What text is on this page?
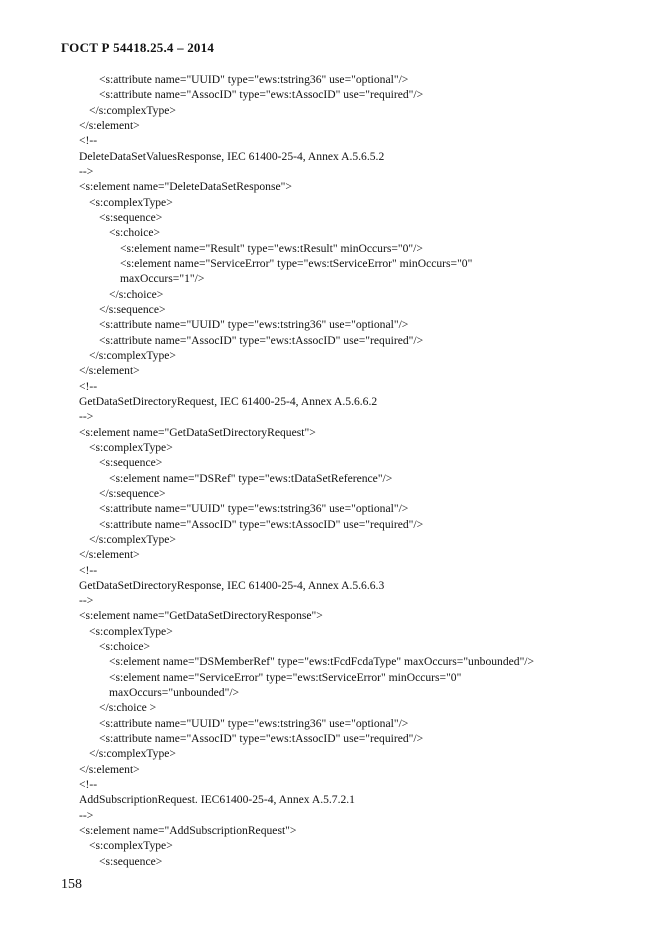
ГОСТ Р 54418.25.4 – 2014
<s:attribute name="UUID" type="ews:tstring36" use="optional"/>
<s:attribute name="AssocID" type="ews:tAssocID" use="required"/>
</s:complexType>
</s:element>
<!--
DeleteDataSetValuesResponse, IEC 61400-25-4, Annex A.5.6.5.2
-->
<s:element name="DeleteDataSetResponse">
<s:complexType>
<s:sequence>
<s:choice>
<s:element name="Result" type="ews:tResult" minOccurs="0"/>
<s:element name="ServiceError" type="ews:tServiceError" minOccurs="0"
maxOccurs="1"/>
</s:choice>
</s:sequence>
<s:attribute name="UUID" type="ews:tstring36" use="optional"/>
<s:attribute name="AssocID" type="ews:tAssocID" use="required"/>
</s:complexType>
</s:element>
<!--
GetDataSetDirectoryRequest, IEC 61400-25-4, Annex A.5.6.6.2
-->
<s:element name="GetDataSetDirectoryRequest">
<s:complexType>
<s:sequence>
<s:element name="DSRef" type="ews:tDataSetReference"/>
</s:sequence>
<s:attribute name="UUID" type="ews:tstring36" use="optional"/>
<s:attribute name="AssocID" type="ews:tAssocID" use="required"/>
</s:complexType>
</s:element>
<!--
GetDataSetDirectoryResponse, IEC 61400-25-4, Annex A.5.6.6.3
-->
<s:element name="GetDataSetDirectoryResponse">
<s:complexType>
<s:choice>
<s:element name="DSMemberRef" type="ews:tFcdFcdaType" maxOccurs="unbounded"/>
<s:element name="ServiceError" type="ews:tServiceError" minOccurs="0"
maxOccurs="unbounded"/>
</s:choice >
<s:attribute name="UUID" type="ews:tstring36" use="optional"/>
<s:attribute name="AssocID" type="ews:tAssocID" use="required"/>
</s:complexType>
</s:element>
<!--
AddSubscriptionRequest. IEC61400-25-4, Annex A.5.7.2.1
-->
<s:element name="AddSubscriptionRequest">
<s:complexType>
<s:sequence>
158
